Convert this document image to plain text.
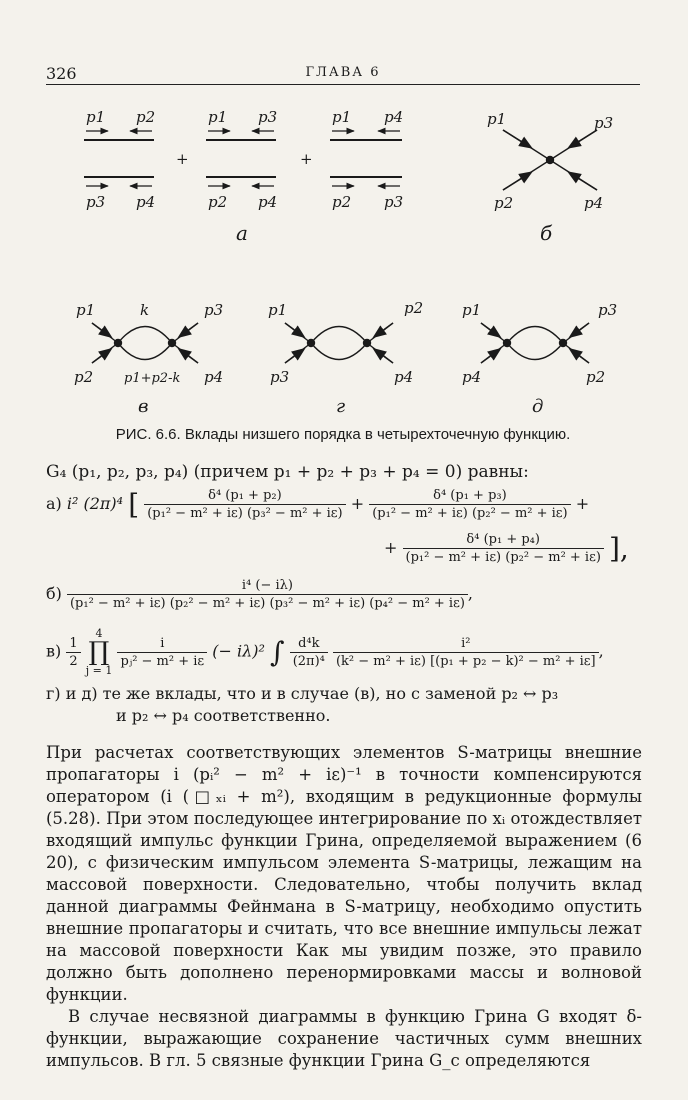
326	ГЛАВА 6
p1 p2
p3 p4
p1 p3
p2 p4
p1 p4
p2 p3
+	+
а
p1	p3
p2	p4
б
p1	k	p3
p2 p1+p2-k p4
в
p1	p2
p3	p4
г
p1	p3
p4	p2
д
РИС. 6.6. Вклады низшего порядка в четырехточечную функцию.
G₄ (p₁, p₂, p₃, p₄) (причем p₁ + p₂ + p₃ + p₄ = 0) равны:
а) i² (2π)⁴ [ $\frac{\text{δ⁴ (p₁ + p₂)}}{\text{(p₁² − m² + iε) (p₃² − m² + iε)}} + \frac{\text{δ⁴ (p₁ + p₃)}}{\text{(p₁² − m² + iε) (p₂² − m² + iε)}}$ +
+ $\frac{\text{δ⁴ (p₁ + p₄)}}{\text{(p₁² − m² + iε) (p₂² − m² + iε)}}$ ],
б)	i⁴ (− iλ)
(p₁² − m² + iε) (p₂² − m² + iε) (p₃² − m² + iε) (p₄² − m² + iε)
,
$в) \frac{1}{2}$

4
∏
j = 1

$\frac{i}{\text{pⱼ² − m² + iε}}$ (− iλ)² ∫ $\frac{\text{d⁴k}}{\text{(2π)⁴}}$
$\frac{\text{i²}}{\text{(k² − m² + iε) [(p₁ + p₂ − k)² − m² + iε]}}$ ,
г) и д) те же вклады, что и в случае (в), но с заменой p₂ ↔ p₃
и p₂ ↔ p₄ соответственно.

При расчетах соответствующих элементов S-матрицы внешние пропагаторы i (pᵢ² − m² + iε)⁻¹ в точности компенсируются оператором (i (□ₓᵢ + m²), входящим в редукционные формулы (5.28). При этом последующее интегрирование по xᵢ отождествляет входящий импульс функции Грина, определяемой выражением (6 20), с физическим импульсом элемента S-матрицы, лежащим на массовой поверхности. Следовательно, чтобы получить вклад данной диаграммы Фейнмана в S-матрицу, необходимо опустить внешние пропагаторы и считать, что все внешние импульсы лежат на массовой поверхности Как мы увидим позже, это правило должно быть дополнено перенормировками массы и волновой функции.

В случае несвязной диаграммы в функцию Грина G входят δ-функции, выражающие сохранение частичных сумм внешних импульсов. В гл. 5 связные функции Грина G_c определяются
